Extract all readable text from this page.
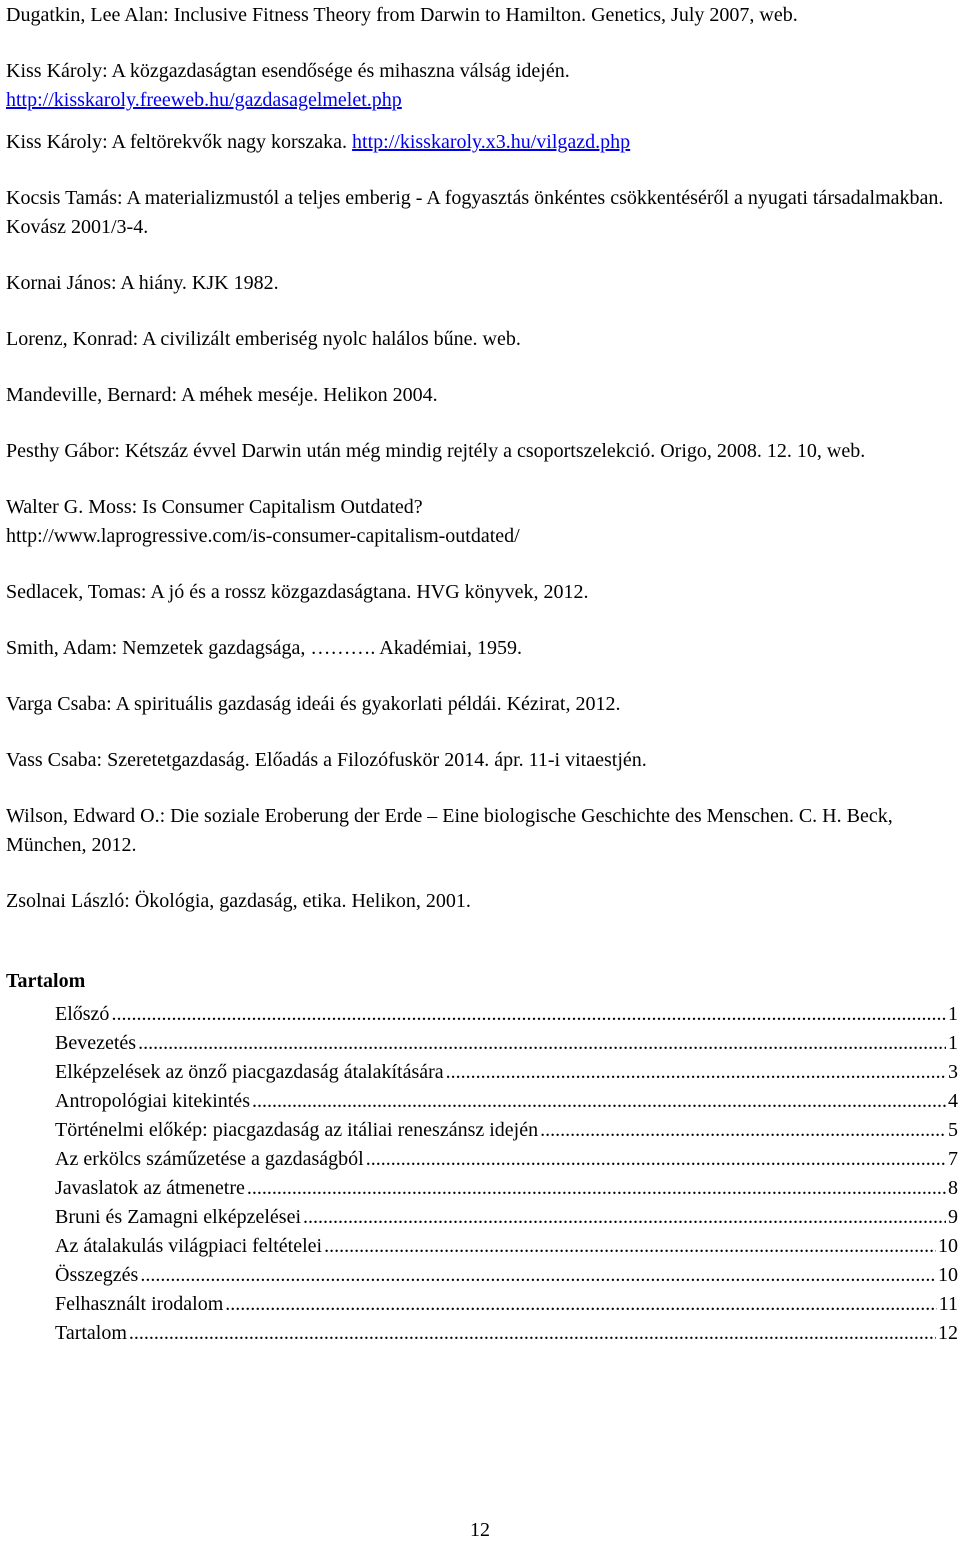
Dugatkin, Lee Alan: Inclusive Fitness Theory from Darwin to Hamilton. Genetics, July 2007, web.

Kiss Károly: A közgazdaságtan esendősége és mihaszna válság idején.
http://kisskaroly.freeweb.hu/gazdasagelmelet.php

Kiss Károly: A feltörekvők nagy korszaka. http://kisskaroly.x3.hu/vilgazd.php

Kocsis Tamás: A materializmustól a teljes emberig - A fogyasztás önkéntes csökkentéséről a nyugati társadalmakban. Kovász 2001/3-4.

Kornai János: A hiány. KJK 1982.

Lorenz, Konrad: A civilizált emberiség nyolc halálos bűne. web.

Mandeville, Bernard: A méhek meséje. Helikon 2004.

Pesthy Gábor: Kétszáz évvel Darwin után még mindig rejtély a csoportszelekció. Origo, 2008. 12. 10, web.

Walter G. Moss: Is Consumer Capitalism Outdated?
http://www.laprogressive.com/is-consumer-capitalism-outdated/

Sedlacek, Tomas: A jó és a rossz közgazdaságtana. HVG könyvek, 2012.

Smith, Adam: Nemzetek gazdagsága, ………. Akadémiai, 1959.

Varga Csaba: A spirituális gazdaság ideái és gyakorlati példái. Kézirat, 2012.

Vass Csaba: Szeretetgazdaság. Előadás a Filozófuskör 2014. ápr. 11-i vitaestjén.

Wilson, Edward O.: Die soziale Eroberung der Erde – Eine biologische Geschichte des Menschen. C. H. Beck, München, 2012.

Zsolnai László: Ökológia, gazdaság, etika. Helikon, 2001.

Tartalom
Előszó .....	1
Bevezetés .....	1
Elképzelések az önző piacgazdaság átalakítására .....	3
Antropológiai kitekintés .....	4
Történelmi előkép: piacgazdaság az itáliai reneszánsz idején .....	5
Az erkölcs száműzetése a gazdaságból .....	7
Javaslatok az átmenetre .....	8
Bruni és Zamagni elképzelései .....	9
Az átalakulás világpiaci feltételei .....	10
Összegzés .....	10
Felhasznált irodalom .....	11
Tartalom .....	12
12
